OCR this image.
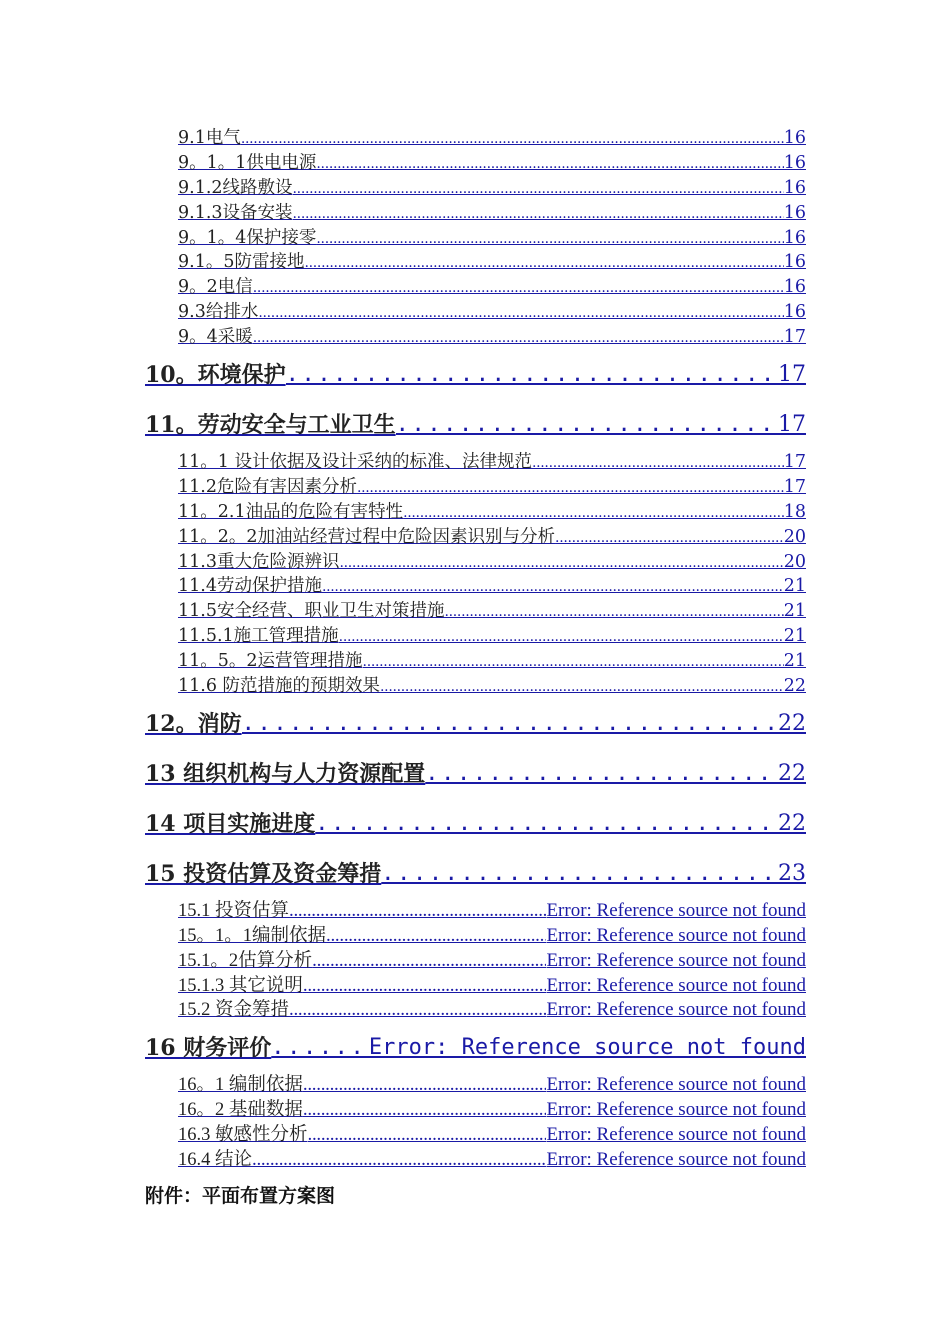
9.1电气 .....	16
9。1。1供电电源 .....	16
9.1.2线路敷设 .....	16
9.1.3设备安装 .....	16
9。1。4保护接零 .....	16
9.1。5防雷接地 .....	16
9。2电信 .....	16
9.3给排水 .....	16
9。4采暖 .....	17
10。环境保护 .....	17
11。劳动安全与工业卫生 .....	17
11。1 设计依据及设计采纳的标准、法律规范 .....	17
11.2危险有害因素分析 .....	17
11。2.1油品的危险有害特性 .....	18
11。2。2加油站经营过程中危险因素识别与分析 .....	20
11.3重大危险源辨识 .....	20
11.4劳动保护措施 .....	21
11.5安全经营、职业卫生对策措施 .....	21
11.5.1施工管理措施 .....	21
11。5。2运营管理措施 .....	21
11.6 防范措施的预期效果 .....	22
12。消防 .....	22
13 组织机构与人力资源配置 .....	22
14 项目实施进度 .....	22
15 投资估算及资金筹措 .....	23
15.1 投资估算 .....	Error: Reference source not found
15。1。1编制依据 .....	Error: Reference source not found
15.1。2估算分析 .....	Error: Reference source not found
15.1.3 其它说明 .....	Error: Reference source not found
15.2 资金筹措 .....	Error: Reference source not found
16 财务评价 .....	Error: Reference source not found
16。1 编制依据 .....	Error: Reference source not found
16。2 基础数据 .....	Error: Reference source not found
16.3 敏感性分析 .....	Error: Reference source not found
16.4 结论 .....	Error: Reference source not found
附件：平面布置方案图
